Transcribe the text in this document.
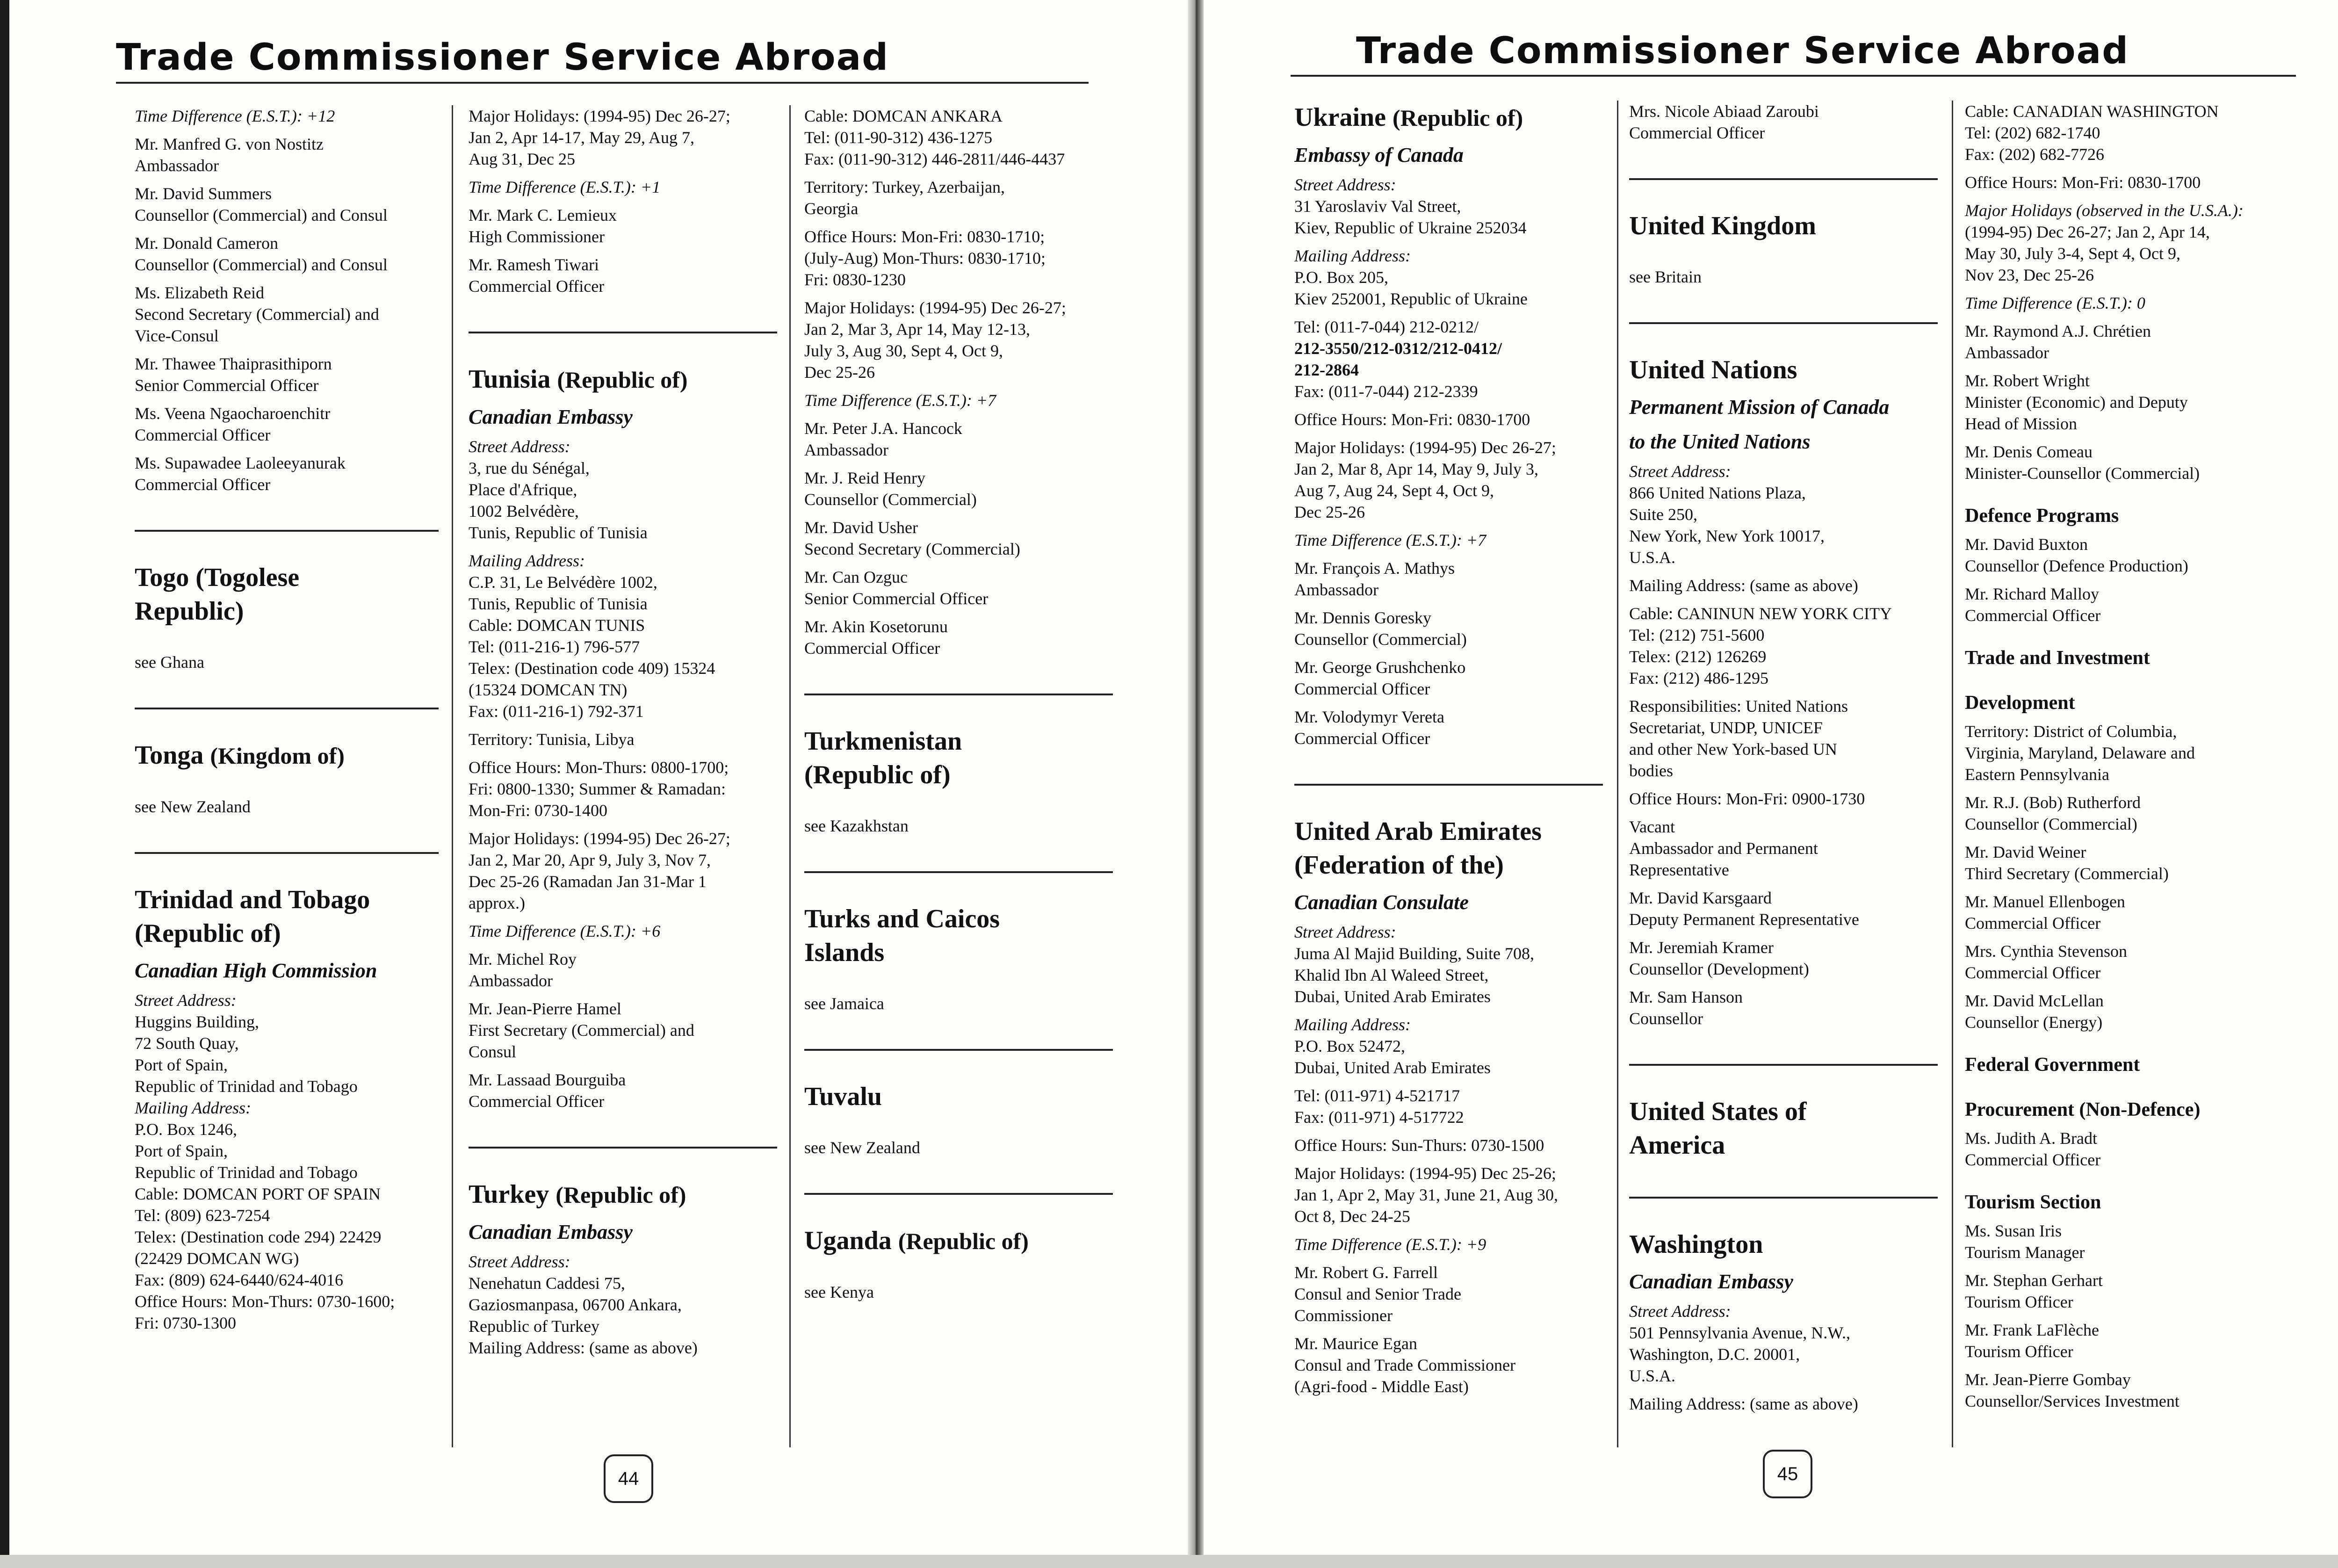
Trade Commissioner Service Abroad
Time Difference (E.S.T.): +12
Mr. Manfred G. von Nostitz
Ambassador
Mr. David Summers
Counsellor (Commercial) and Consul
Mr. Donald Cameron
Counsellor (Commercial) and Consul
Ms. Elizabeth Reid
Second Secretary (Commercial) and
Vice-Consul
Mr. Thawee Thaiprasithiporn
Senior Commercial Officer
Ms. Veena Ngaocharoenchitr
Commercial Officer
Ms. Supawadee Laoleeyanurak
Commercial Officer
Togo (Togolese
Republic)
see Ghana
Tonga (Kingdom of)
see New Zealand
Trinidad and Tobago
(Republic of)
Canadian High Commission
Street Address:
Huggins Building,
72 South Quay,
Port of Spain,
Republic of Trinidad and Tobago
Mailing Address:
P.O. Box 1246,
Port of Spain,
Republic of Trinidad and Tobago
Cable: DOMCAN PORT OF SPAIN
Tel: (809) 623-7254
Telex: (Destination code 294) 22429
(22429 DOMCAN WG)
Fax: (809) 624-6440/624-4016
Office Hours: Mon-Thurs: 0730-1600;
Fri: 0730-1300
Major Holidays: (1994-95) Dec 26-27;
Jan 2, Apr 14-17, May 29, Aug 7,
Aug 31, Dec 25
Time Difference (E.S.T.): +1
Mr. Mark C. Lemieux
High Commissioner
Mr. Ramesh Tiwari
Commercial Officer
Tunisia (Republic of)
Canadian Embassy
Street Address:
3, rue du Sénégal,
Place d'Afrique,
1002 Belvédère,
Tunis, Republic of Tunisia
Mailing Address:
C.P. 31, Le Belvédère 1002,
Tunis, Republic of Tunisia
Cable: DOMCAN TUNIS
Tel: (011-216-1) 796-577
Telex: (Destination code 409) 15324
(15324 DOMCAN TN)
Fax: (011-216-1) 792-371
Territory: Tunisia, Libya
Office Hours: Mon-Thurs: 0800-1700;
Fri: 0800-1330; Summer & Ramadan:
Mon-Fri: 0730-1400
Major Holidays: (1994-95) Dec 26-27;
Jan 2, Mar 20, Apr 9, July 3, Nov 7,
Dec 25-26 (Ramadan Jan 31-Mar 1
approx.)
Time Difference (E.S.T.): +6
Mr. Michel Roy
Ambassador
Mr. Jean-Pierre Hamel
First Secretary (Commercial) and
Consul
Mr. Lassaad Bourguiba
Commercial Officer
Turkey (Republic of)
Canadian Embassy
Street Address:
Nenehatun Caddesi 75,
Gaziosmanpasa, 06700 Ankara,
Republic of Turkey
Mailing Address: (same as above)
Cable: DOMCAN ANKARA
Tel: (011-90-312) 436-1275
Fax: (011-90-312) 446-2811/446-4437
Territory: Turkey, Azerbaijan,
Georgia
Office Hours: Mon-Fri: 0830-1710;
(July-Aug) Mon-Thurs: 0830-1710;
Fri: 0830-1230
Major Holidays: (1994-95) Dec 26-27;
Jan 2, Mar 3, Apr 14, May 12-13,
July 3, Aug 30, Sept 4, Oct 9,
Dec 25-26
Time Difference (E.S.T.): +7
Mr. Peter J.A. Hancock
Ambassador
Mr. J. Reid Henry
Counsellor (Commercial)
Mr. David Usher
Second Secretary (Commercial)
Mr. Can Ozguc
Senior Commercial Officer
Mr. Akin Kosetorunu
Commercial Officer
Turkmenistan
(Republic of)
see Kazakhstan
Turks and Caicos
Islands
see Jamaica
Tuvalu
see New Zealand
Uganda (Republic of)
see Kenya
44
Trade Commissioner Service Abroad
Ukraine (Republic of)
Embassy of Canada
Street Address:
31 Yaroslaviv Val Street,
Kiev, Republic of Ukraine 252034
Mailing Address:
P.O. Box 205,
Kiev 252001, Republic of Ukraine
Tel: (011-7-044) 212-0212/
212-3550/212-0312/212-0412/
212-2864
Fax: (011-7-044) 212-2339
Office Hours: Mon-Fri: 0830-1700
Major Holidays: (1994-95) Dec 26-27;
Jan 2, Mar 8, Apr 14, May 9, July 3,
Aug 7, Aug 24, Sept 4, Oct 9,
Dec 25-26
Time Difference (E.S.T.): +7
Mr. François A. Mathys
Ambassador
Mr. Dennis Goresky
Counsellor (Commercial)
Mr. George Grushchenko
Commercial Officer
Mr. Volodymyr Vereta
Commercial Officer
United Arab Emirates
(Federation of the)
Canadian Consulate
Street Address:
Juma Al Majid Building, Suite 708,
Khalid Ibn Al Waleed Street,
Dubai, United Arab Emirates
Mailing Address:
P.O. Box 52472,
Dubai, United Arab Emirates
Tel: (011-971) 4-521717
Fax: (011-971) 4-517722
Office Hours: Sun-Thurs: 0730-1500
Major Holidays: (1994-95) Dec 25-26;
Jan 1, Apr 2, May 31, June 21, Aug 30,
Oct 8, Dec 24-25
Time Difference (E.S.T.): +9
Mr. Robert G. Farrell
Consul and Senior Trade
Commissioner
Mr. Maurice Egan
Consul and Trade Commissioner
(Agri-food - Middle East)
Mrs. Nicole Abiaad Zaroubi
Commercial Officer
United Kingdom
see Britain
United Nations
Permanent Mission of Canada
to the United Nations
Street Address:
866 United Nations Plaza,
Suite 250,
New York, New York 10017,
U.S.A.
Mailing Address: (same as above)
Cable: CANINUN NEW YORK CITY
Tel: (212) 751-5600
Telex: (212) 126269
Fax: (212) 486-1295
Responsibilities: United Nations
Secretariat, UNDP, UNICEF
and other New York-based UN
bodies
Office Hours: Mon-Fri: 0900-1730
Vacant
Ambassador and Permanent
Representative
Mr. David Karsgaard
Deputy Permanent Representative
Mr. Jeremiah Kramer
Counsellor (Development)
Mr. Sam Hanson
Counsellor
United States of
America
Washington
Canadian Embassy
Street Address:
501 Pennsylvania Avenue, N.W.,
Washington, D.C. 20001,
U.S.A.
Mailing Address: (same as above)
Cable: CANADIAN WASHINGTON
Tel: (202) 682-1740
Fax: (202) 682-7726
Office Hours: Mon-Fri: 0830-1700
Major Holidays (observed in the U.S.A.):
(1994-95) Dec 26-27; Jan 2, Apr 14,
May 30, July 3-4, Sept 4, Oct 9,
Nov 23, Dec 25-26
Time Difference (E.S.T.): 0
Mr. Raymond A.J. Chrétien
Ambassador
Mr. Robert Wright
Minister (Economic) and Deputy
Head of Mission
Mr. Denis Comeau
Minister-Counsellor (Commercial)
Defence Programs
Mr. David Buxton
Counsellor (Defence Production)
Mr. Richard Malloy
Commercial Officer
Trade and Investment
Development
Territory: District of Columbia,
Virginia, Maryland, Delaware and
Eastern Pennsylvania
Mr. R.J. (Bob) Rutherford
Counsellor (Commercial)
Mr. David Weiner
Third Secretary (Commercial)
Mr. Manuel Ellenbogen
Commercial Officer
Mrs. Cynthia Stevenson
Commercial Officer
Mr. David McLellan
Counsellor (Energy)
Federal Government
Procurement (Non-Defence)
Ms. Judith A. Bradt
Commercial Officer
Tourism Section
Ms. Susan Iris
Tourism Manager
Mr. Stephan Gerhart
Tourism Officer
Mr. Frank LaFlèche
Tourism Officer
Mr. Jean-Pierre Gombay
Counsellor/Services Investment
45
